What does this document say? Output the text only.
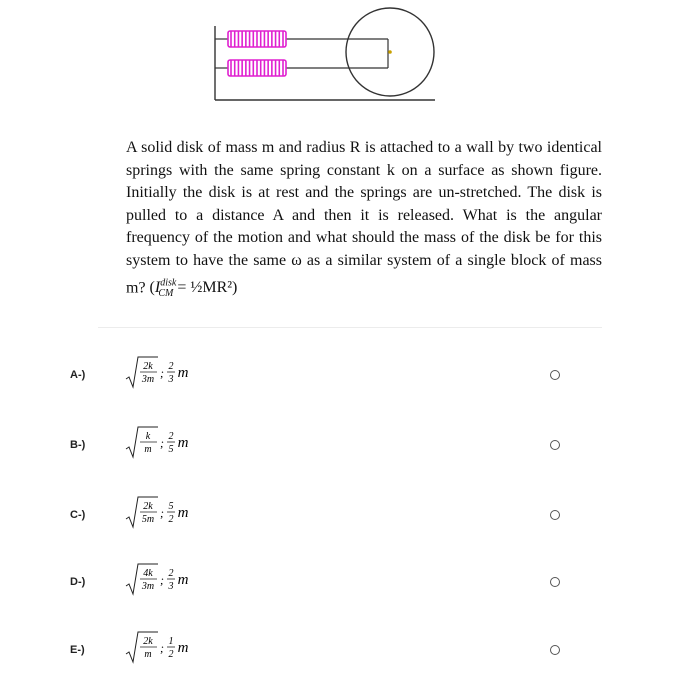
A solid disk of mass m and radius R is attached to a wall by two identical springs with the same spring constant k on a surface as shown figure. Initially the disk is at rest and the springs are un-stretched. The disk is pulled to a distance A and then it is released. What is the angular frequency of the motion and what should the mass of the disk be for this system to have the same ω as a similar system of a single block of mass m? ($I^{disk}_{CM}$ = ½MR²)

A-)
2k
3m ; 2
3 m
B-)
k
m ; 2
5 m
C-)
2k
5m ; 5
2 m
D-)
4k
3m ; 2
3 m
E-)
2k
m ; 1
2 m
